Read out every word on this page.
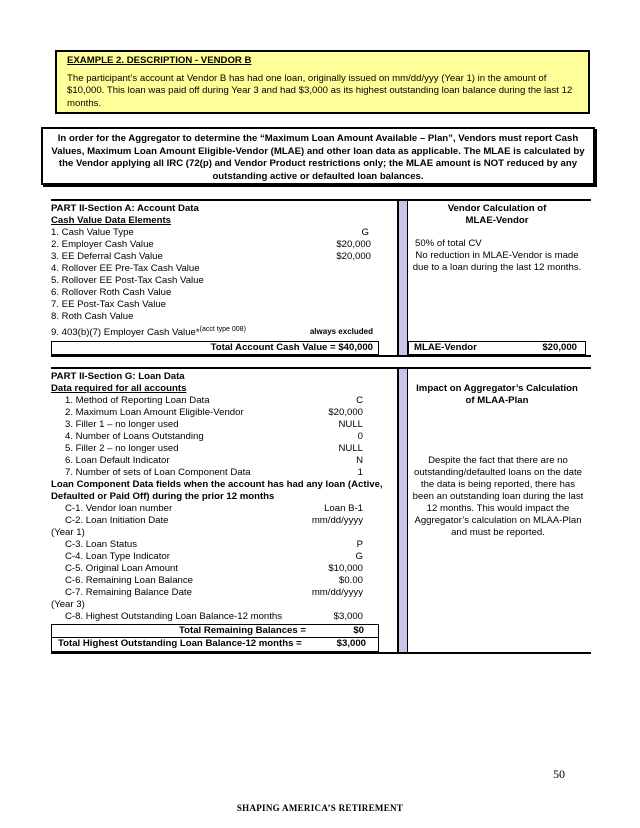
EXAMPLE 2. DESCRIPTION - VENDOR B
The participant’s account at Vendor B has had one loan, originally issued on mm/dd/yyy (Year 1) in the amount of $10,000. This loan was paid off during Year 3 and had $3,000 as its highest outstanding loan balance during the last 12 months.
In order for the Aggregator to determine the “Maximum Loan Amount Available – Plan”, Vendors must report Cash Values, Maximum Loan Amount Eligible-Vendor (MLAE) and other loan data as applicable. The MLAE is calculated by the Vendor applying all IRC (72(p) and Vendor Product restrictions only; the MLAE amount is NOT reduced by any outstanding active or defaulted loan balances.
PART II-Section A: Account Data
Cash Value Data Elements
1. Cash Value Type	G
2. Employer Cash Value	$20,000
3. EE Deferral Cash Value	$20,000
4. Rollover EE Pre-Tax Cash Value
5. Rollover EE Post-Tax Cash Value
6. Rollover Roth Cash Value
7. EE Post-Tax Cash Value
8. Roth Cash Value
9. 403(b)(7) Employer Cash Value*$^{(acct type 008)}$	always excluded
Total Account Cash Value = $40,000
Vendor Calculation of
MLAE-Vendor
50% of total CV
No reduction in MLAE-Vendor is made due to a loan during the last 12 months.
MLAE-Vendor	$20,000
PART II-Section G: Loan Data
Data required for all accounts
1. Method of Reporting Loan Data	C
2. Maximum Loan Amount Eligible-Vendor	$20,000
3. Filler 1 – no longer used	NULL
4. Number of Loans Outstanding	0
5. Filler 2 – no longer used	NULL
6. Loan Default Indicator	N
7. Number of sets of Loan Component Data	1
Loan Component Data fields when the account has had any loan (Active, Defaulted or Paid Off) during the prior 12 months
C-1. Vendor loan number	Loan B-1
C-2. Loan Initiation Date	mm/dd/yyyy
(Year 1)
C-3. Loan Status	P
C-4. Loan Type Indicator	G
C-5. Original Loan Amount	$10,000
C-6. Remaining Loan Balance	$0.00
C-7. Remaining Balance Date	mm/dd/yyyy
(Year 3)
C-8. Highest Outstanding Loan Balance-12 months	$3,000
Total Remaining Balances =	$0
Total Highest Outstanding Loan Balance-12 months =	$3,000
Impact on Aggregator’s Calculation
of MLAA-Plan
Despite the fact that there are no outstanding/defaulted loans on the date the data is being reported, there has been an outstanding loan during the last 12 months. This would impact the Aggregator’s calculation on MLAA-Plan and must be reported.
50
SHAPING AMERICA’S RETIREMENT
